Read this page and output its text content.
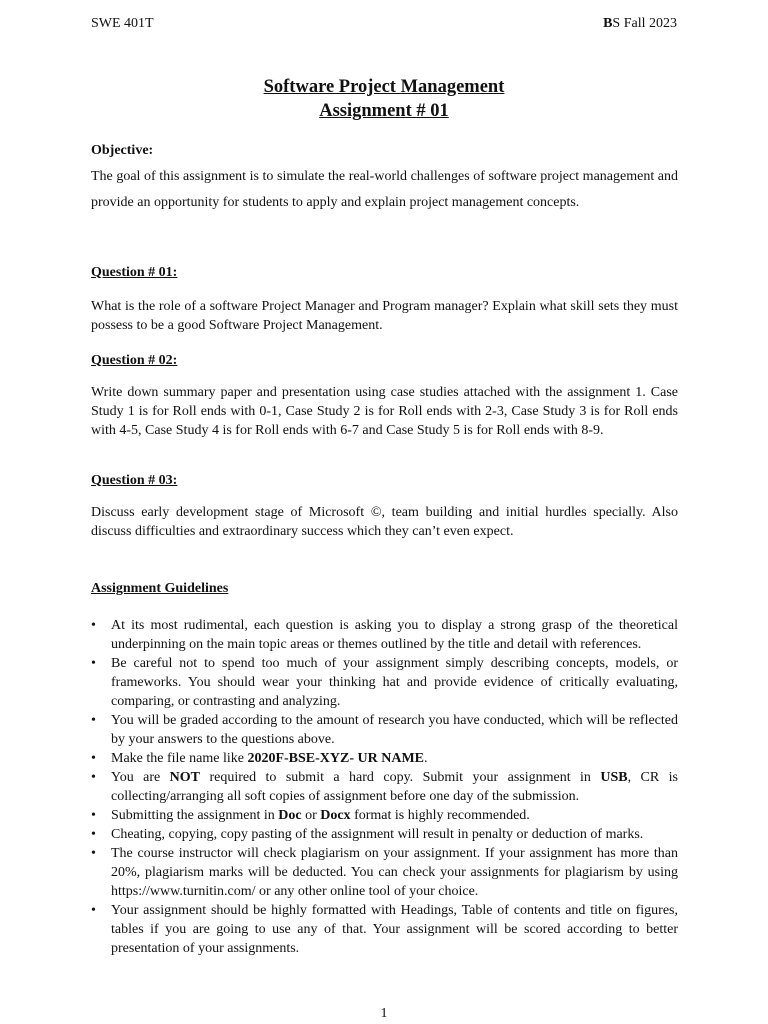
SWE 401T	BS Fall 2023
Software Project Management
Assignment # 01
Objective:
The goal of this assignment is to simulate the real-world challenges of software project management and provide an opportunity for students to apply and explain project management concepts.
Question # 01:
What is the role of a software Project Manager and Program manager? Explain what skill sets they must possess to be a good Software Project Management.
Question # 02:
Write down summary paper and presentation using case studies attached with the assignment 1. Case Study 1 is for Roll ends with 0-1, Case Study 2 is for Roll ends with 2-3, Case Study 3 is for Roll ends with 4-5, Case Study 4 is for Roll ends with 6-7 and Case Study 5 is for Roll ends with 8-9.
Question # 03:
Discuss early development stage of Microsoft ©, team building and initial hurdles specially. Also discuss difficulties and extraordinary success which they can’t even expect.
Assignment Guidelines
• At its most rudimental, each question is asking you to display a strong grasp of the theoretical underpinning on the main topic areas or themes outlined by the title and detail with references.
• Be careful not to spend too much of your assignment simply describing concepts, models, or frameworks. You should wear your thinking hat and provide evidence of critically evaluating, comparing, or contrasting and analyzing.
• You will be graded according to the amount of research you have conducted, which will be reflected by your answers to the questions above.
• Make the file name like 2020F-BSE-XYZ- UR NAME.
• You are NOT required to submit a hard copy. Submit your assignment in USB, CR is collecting/arranging all soft copies of assignment before one day of the submission.
• Submitting the assignment in Doc or Docx format is highly recommended.
• Cheating, copying, copy pasting of the assignment will result in penalty or deduction of marks.
• The course instructor will check plagiarism on your assignment. If your assignment has more than 20%, plagiarism marks will be deducted. You can check your assignments for plagiarism by using https://www.turnitin.com/ or any other online tool of your choice.
• Your assignment should be highly formatted with Headings, Table of contents and title on figures, tables if you are going to use any of that. Your assignment will be scored according to better presentation of your assignments.
1
